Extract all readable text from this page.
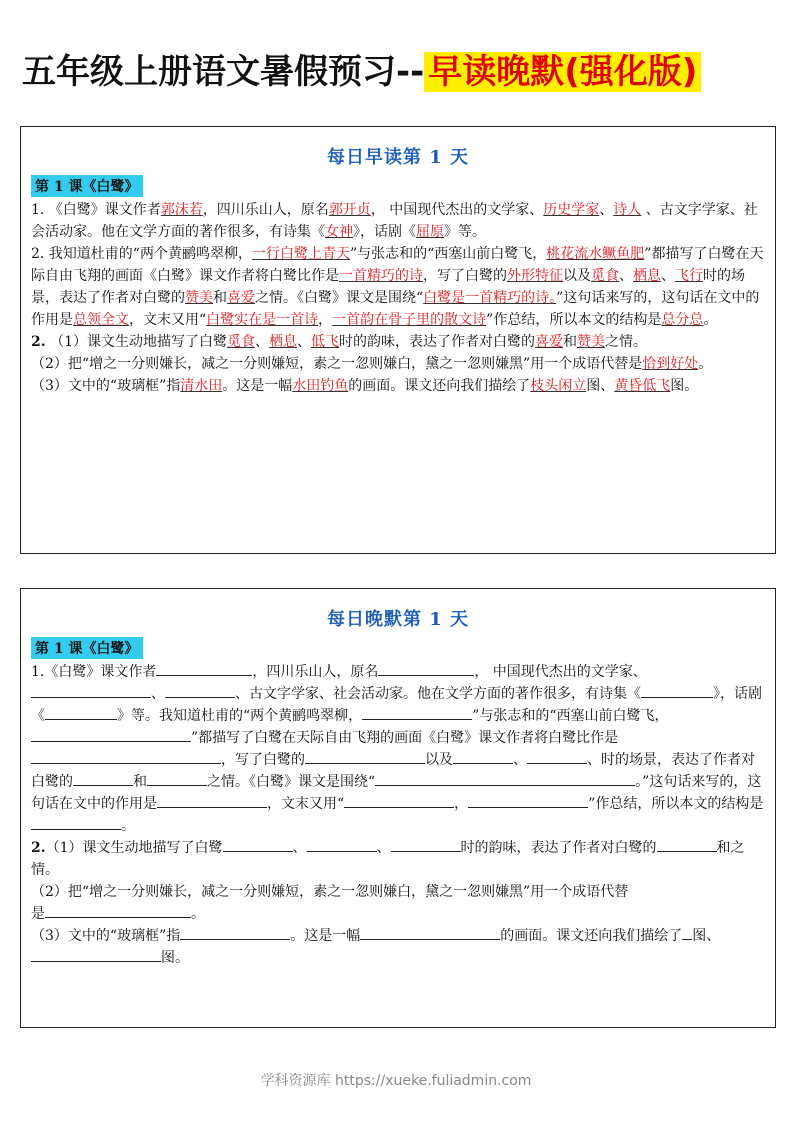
五年级上册语文暑假预习-- 早读晚默(强化版)
每日早读第 1 天
第 1 课《白鹭》

1. 《白鹭》课文作者郭沫若，四川乐山人，原名郭开贞， 中国现代杰出的文学家、历史学家、诗人 、古文字学家、社会活动家。他在文学方面的著作很多，有诗集《女神》，话剧《屈原》等。

2. 我知道杜甫的“两个黄鹂鸣翠柳，一行白鹭上青天”与张志和的“西塞山前白鹭飞，桃花流水鳜鱼肥”都描写了白鹭在天际自由飞翔的画面《白鹭》课文作者将白鹭比作是一首精巧的诗，写了白鹭的外形特征以及觅食、栖息、飞行时的场景，表达了作者对白鹭的赞美和喜爱之情。《白鹭》课文是围绕“白鹭是一首精巧的诗。”这句话来写的，这句话在文中的作用是总领全文，文末又用“白鹭实在是一首诗，一首韵在骨子里的散文诗”作总结，所以本文的结构是总分总。

2. （1）课文生动地描写了白鹭觅食、栖息、低飞时的韵味，表达了作者对白鹭的喜爱和赞美之情。

（2）把“增之一分则嫌长，减之一分则嫌短，素之一忽则嫌白，黛之一忽则嫌黑”用一个成语代替是恰到好处。

（3）文中的“玻璃框”指清水田。这是一幅水田钓鱼的画面。课文还向我们描绘了枝头闲立图、黄昏低飞图。

每日晚默第 1 天
第 1 课《白鹭》

1.《白鹭》课文作者	，四川乐山人，原名	， 中国现代杰出的文学家、、	、古文字学家、社会活动家。他在文学方面的著作很多，有诗集《	》，话剧《	》等。我知道杜甫的“两个黄鹂鸣翠柳，	”与张志和的“西塞山前白鹭飞，”都描写了白鹭在天际自由飞翔的画面《白鹭》课文作者将白鹭比作是，写了白鹭的	以及	、	、时的场景，表达了作者对白鹭的	和	之情。《白鹭》课文是围绕“	。”这句话来写的，这句话在文中的作用是	，文末又用“	，	”作总结，所以本文的结构是。

2.（1）课文生动地描写了白鹭	、	、	时的韵味，表达了作者对白鹭的	和之情。

（2）把“增之一分则嫌长，减之一分则嫌短，素之一忽则嫌白，黛之一忽则嫌黑”用一个成语代替

是	。

（3）文中的“玻璃框”指	。这是一幅	的画面。课文还向我们描绘了 图、图。

学科资源库 https://xueke.fuliadmin.com
